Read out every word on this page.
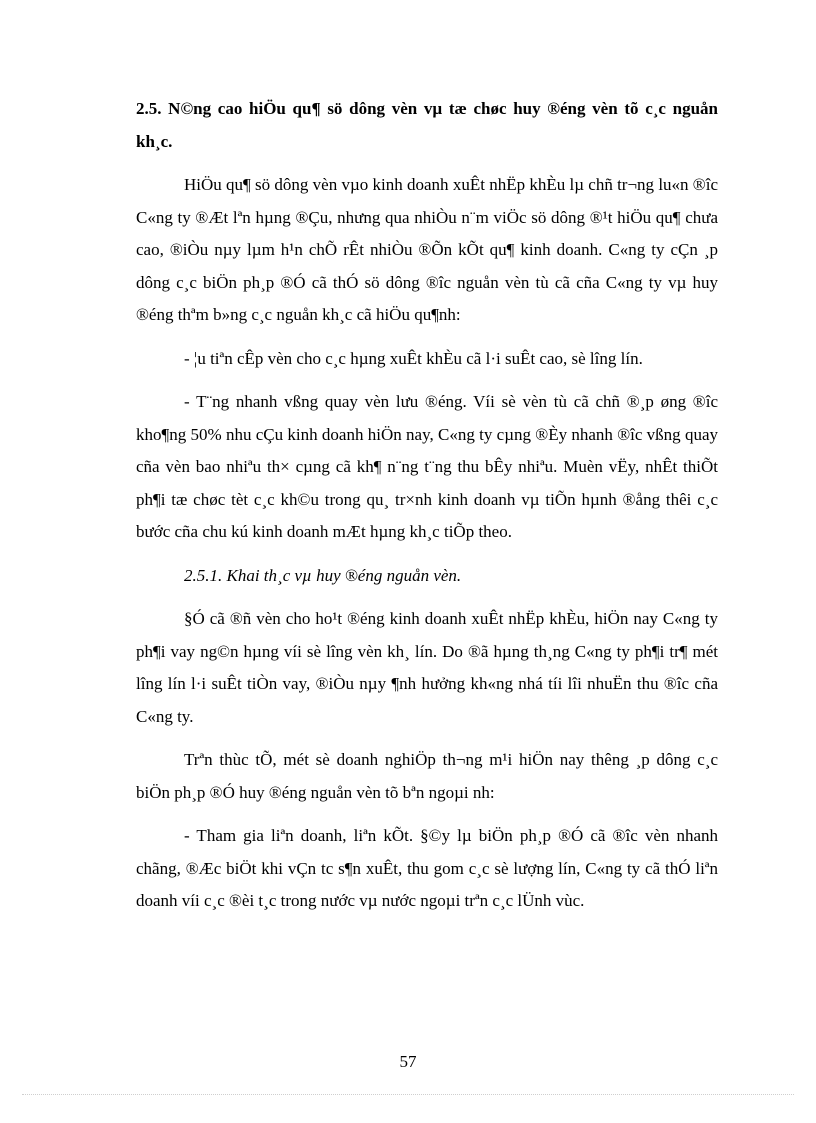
2.5. N©ng cao hiÖu qu¶ sö dông vèn vµ tæ chøc huy ®éng vèn tõ c¸c nguån kh¸c.

HiÖu qu¶ sö dông vèn vµo kinh doanh xuÊt nhËp khÈu lµ chñ tr¬ng lu«n ®îc C«ng ty ®Æt lªn hµng ®Çu, nhưng qua nhiÒu n¨m viÖc sö dông ®¹t hiÖu qu¶ chưa cao, ®iÒu nµy lµm h¹n chÕ rÊt nhiÒu ®Õn kÕt qu¶ kinh doanh. C«ng ty cÇn ¸p dông c¸c biÖn ph¸p ®Ó cã thÓ sö dông ®îc nguån vèn tù cã cña C«ng ty vµ huy ®éng thªm b»ng c¸c nguån kh¸c cã hiÖu qu¶nh:

- ¦u tiªn cÊp vèn cho c¸c hµng xuÊt khÈu cã l·i suÊt cao, sè lîng lín.

- T¨ng nhanh vßng quay vèn lưu ®éng. Víi sè vèn tù cã chñ ®¸p øng ®îc kho¶ng 50% nhu cÇu kinh doanh hiÖn nay, C«ng ty cµng ®Èy nhanh ®îc vßng quay cña vèn bao nhiªu th× cµng cã kh¶ n¨ng t¨ng thu bÊy nhiªu. Muèn vËy, nhÊt thiÕt ph¶i tæ chøc tèt c¸c kh©u trong qu¸ tr×nh kinh doanh vµ tiÕn hµnh ®ång thêi c¸c bước cña chu kú kinh doanh mÆt hµng kh¸c tiÕp theo.

2.5.1. Khai th¸c vµ huy ®éng nguån vèn.

§Ó cã ®ñ vèn cho ho¹t ®éng kinh doanh xuÊt nhËp khÈu, hiÖn nay C«ng ty ph¶i vay ng©n hµng víi sè lîng vèn kh¸ lín. Do ®ã hµng th¸ng C«ng ty ph¶i tr¶ mét lîng lín l·i suÊt tiÒn vay, ®iÒu nµy ¶nh hưởng kh«ng nhá tíi lîi nhuËn thu ®îc cña C«ng ty.

Trªn thùc tÕ, mét sè doanh nghiÖp th¬ng m¹i hiÖn nay thêng ¸p dông c¸c biÖn ph¸p ®Ó huy ®éng nguån vèn tõ bªn ngoµi nh:

- Tham gia liªn doanh, liªn kÕt. §©y lµ biÖn ph¸p ®Ó cã ®îc vèn nhanh chãng, ®Æc biÖt khi vÇn tc s¶n xuÊt, thu gom c¸c sè lượng lín, C«ng ty cã thÓ liªn doanh víi c¸c ®èi t¸c trong nước vµ nước ngoµi trªn c¸c lÜnh vùc.

57
